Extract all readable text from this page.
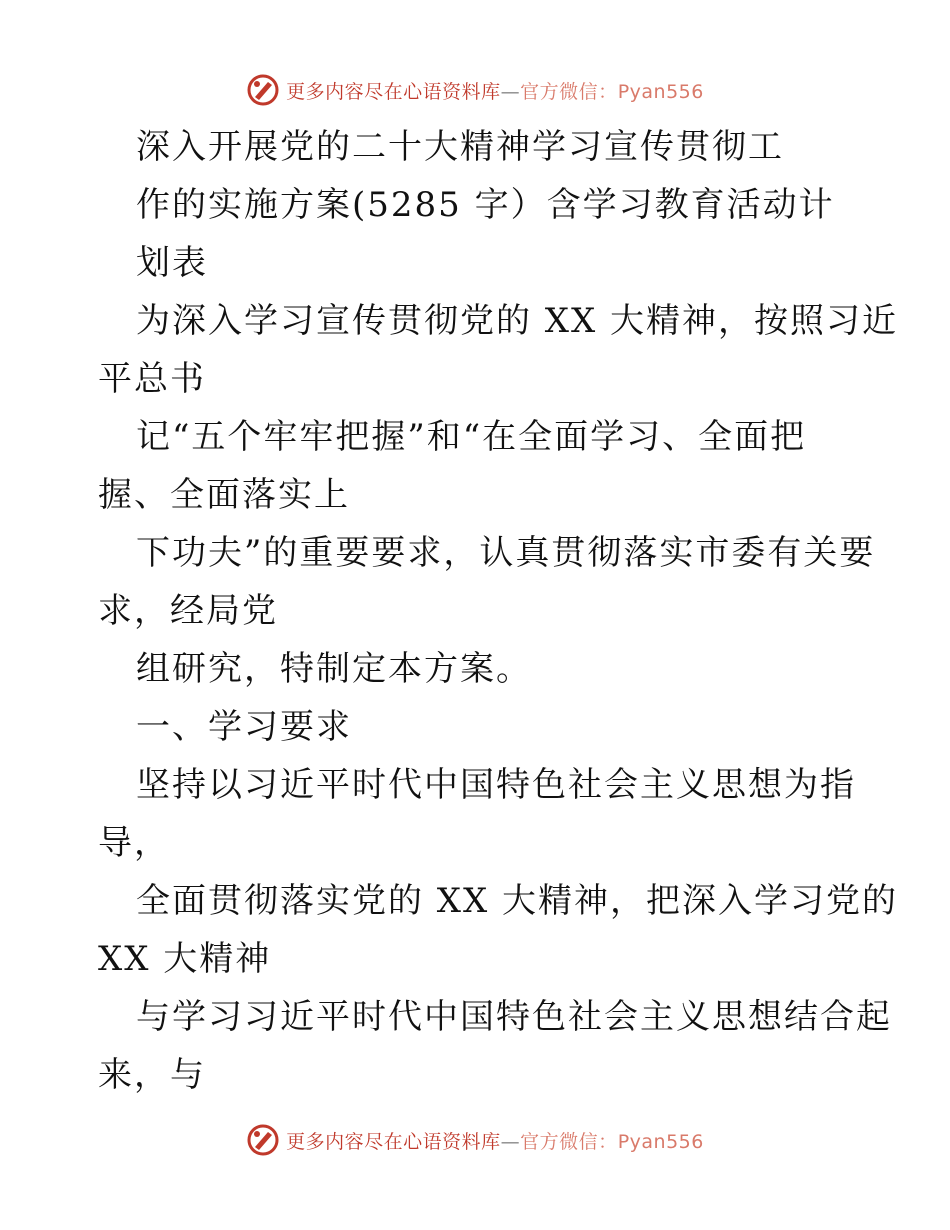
更多内容尽在心语资料库—官方微信：Pyan556
深入开展党的二十大精神学习宣传贯彻工
作的实施方案(5285 字）含学习教育活动计
划表
为深入学习宣传贯彻党的 XX 大精神，按照习近
平总书
记“五个牢牢把握”和“在全面学习、全面把
握、全面落实上
下功夫”的重要要求，认真贯彻落实市委有关要
求，经局党
组研究，特制定本方案。
一、学习要求
坚持以习近平时代中国特色社会主义思想为指
导，
全面贯彻落实党的 XX 大精神，把深入学习党的
XX 大精神
与学习习近平时代中国特色社会主义思想结合起
来，与
更多内容尽在心语资料库—官方微信：Pyan556
